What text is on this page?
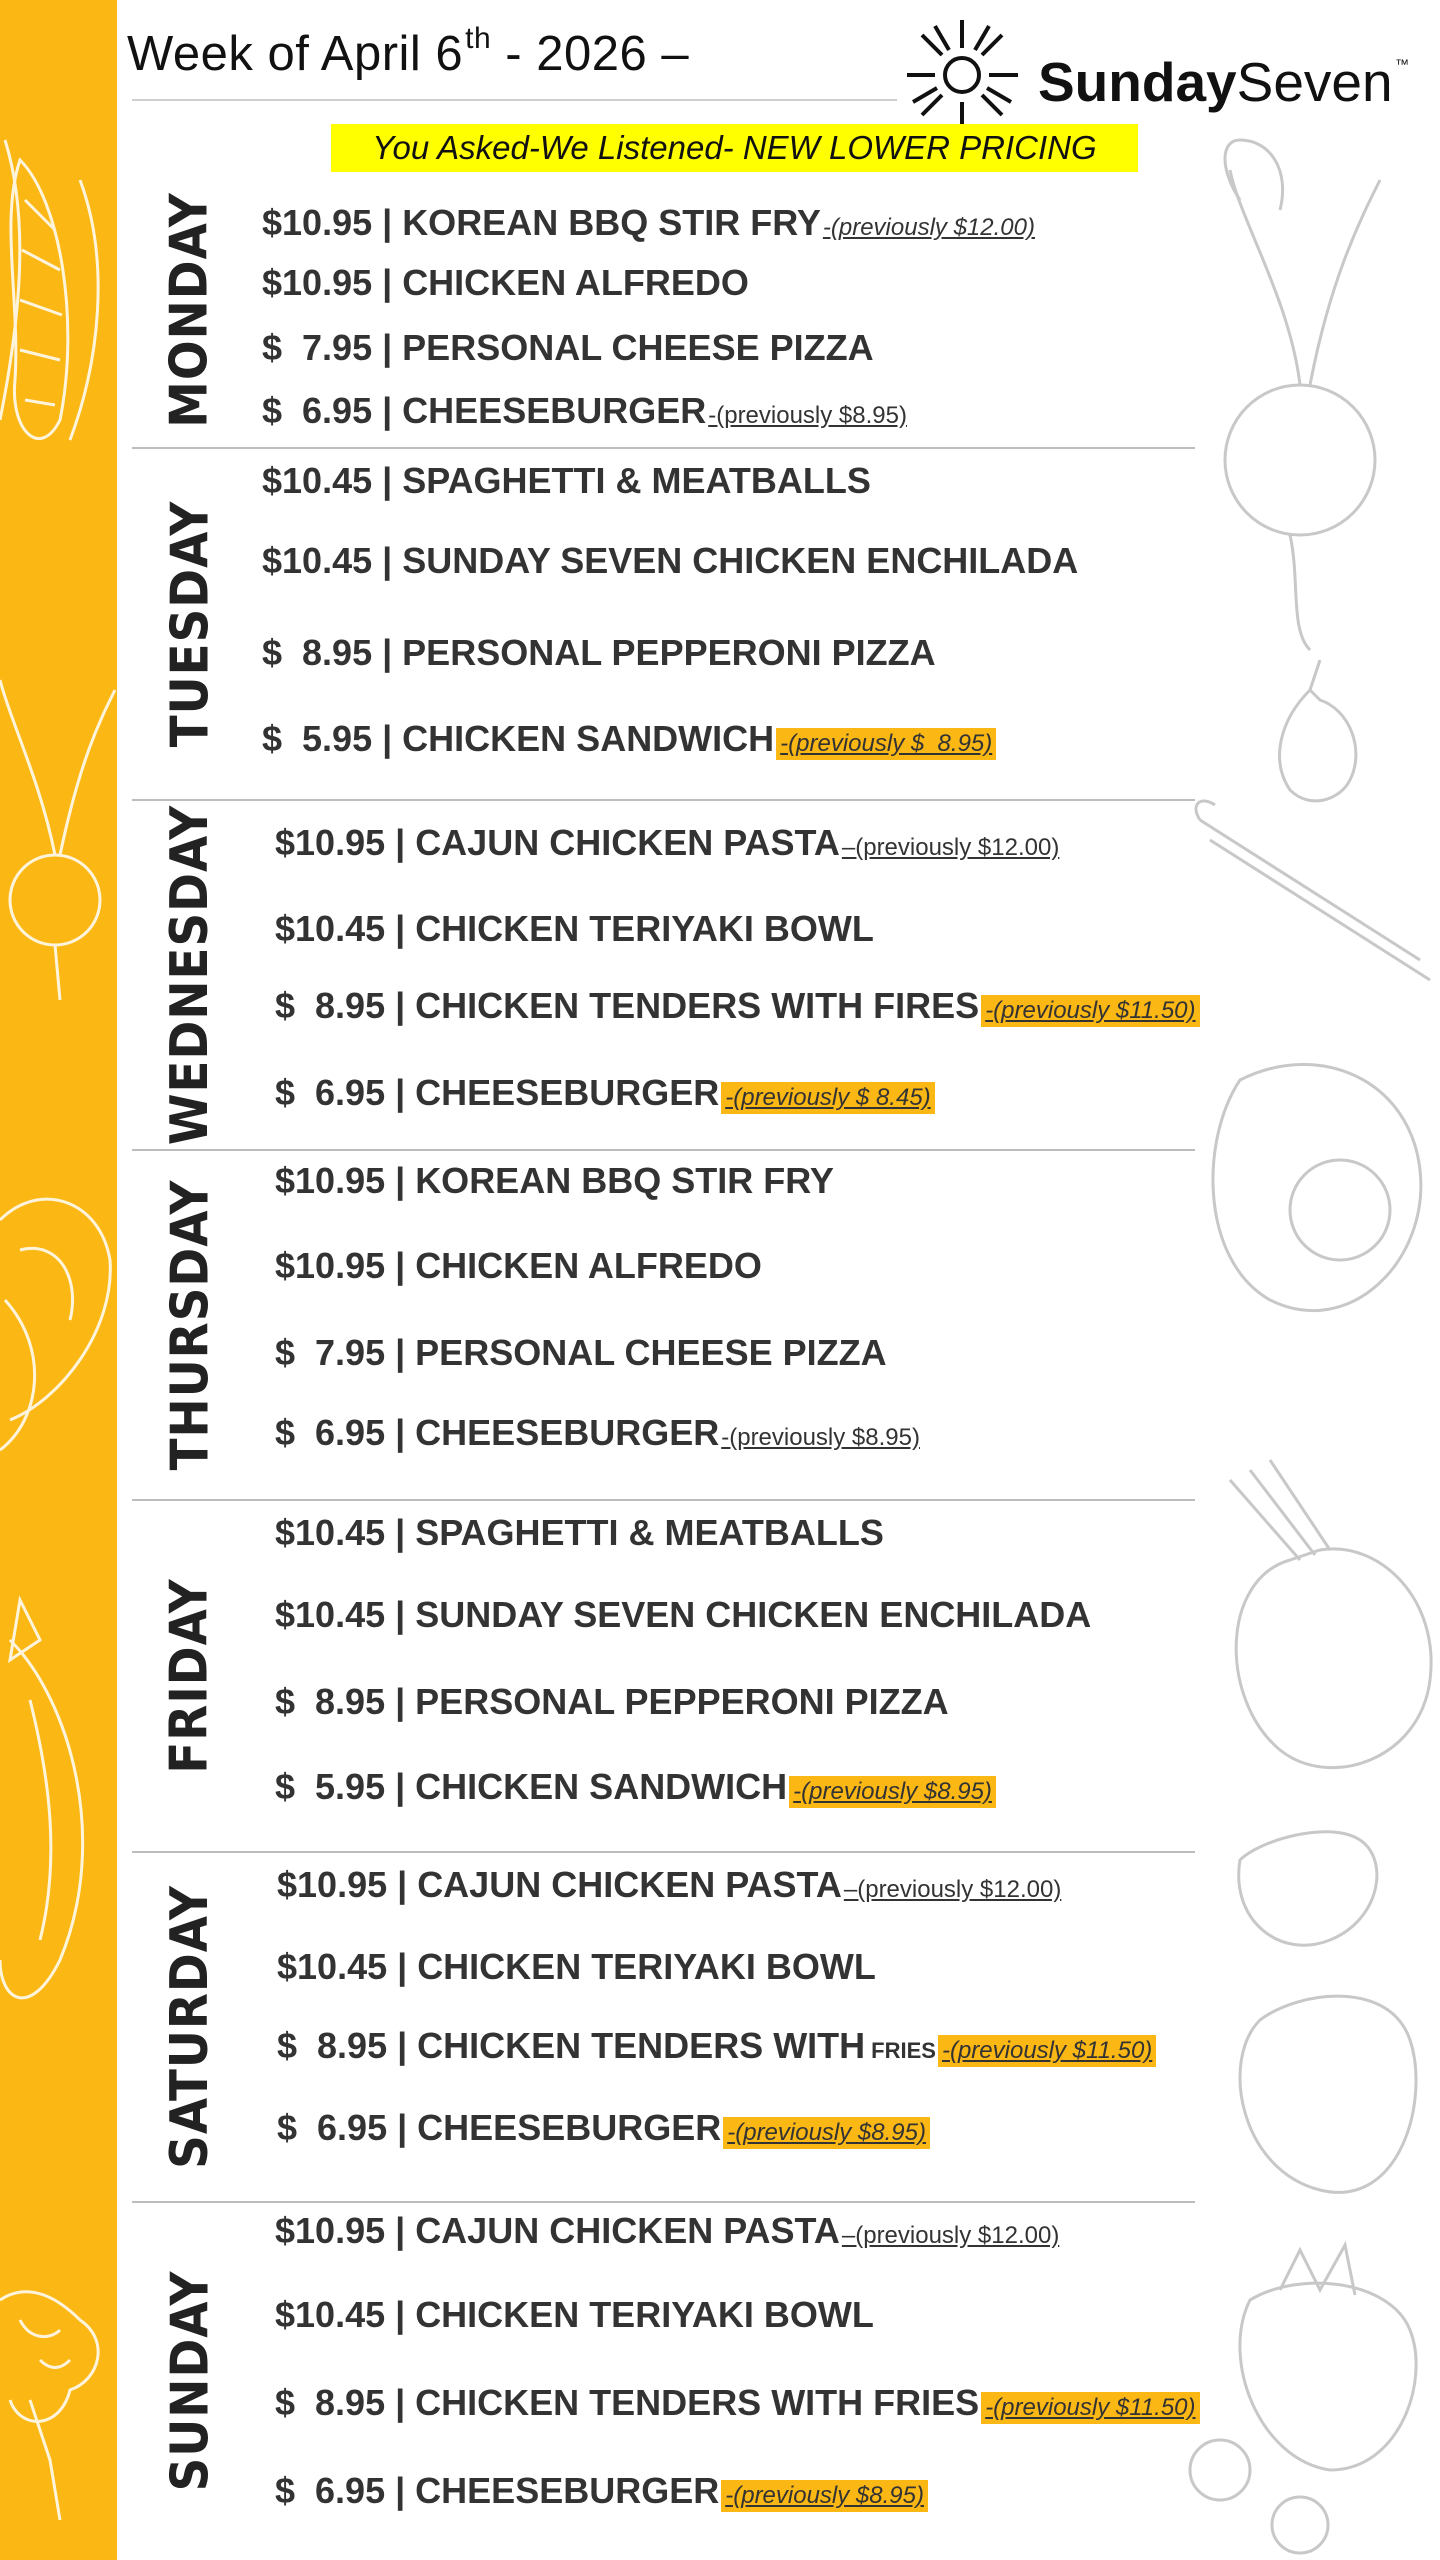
Week of April 6th - 2026 –	SundaySeven ™
You Asked-We Listened- NEW LOWER PRICING
MONDAY $10.95 | KOREAN BBQ STIR FRY -(previously $12.00)
$10.95 | CHICKEN ALFREDO
$  7.95 | PERSONAL CHEESE PIZZA
$  6.95 | CHEESEBURGER -(previously $8.95)
TUESDAY
$10.45 | SPAGHETTI & MEATBALLS
$10.45 | SUNDAY SEVEN CHICKEN ENCHILADA
$  8.95 | PERSONAL PEPPERONI PIZZA
$  5.95 | CHICKEN SANDWICH -(previously $  8.95)
WEDNESDAY $10.95 | CAJUN CHICKEN PASTA –(previously $12.00)
$10.45 | CHICKEN TERIYAKI BOWL
$  8.95 | CHICKEN TENDERS WITH FIRES -(previously $11.50)
$  6.95 | CHEESEBURGER -(previously $ 8.45)
THURSDAY $10.95 | KOREAN BBQ STIR FRY
$10.95 | CHICKEN ALFREDO
$  7.95 | PERSONAL CHEESE PIZZA
$  6.95 | CHEESEBURGER -(previously $8.95)
FRIDAY
$10.45 | SPAGHETTI & MEATBALLS
$10.45 | SUNDAY SEVEN CHICKEN ENCHILADA
$  8.95 | PERSONAL PEPPERONI PIZZA
$  5.95 | CHICKEN SANDWICH -(previously $8.95)
SATURDAY
$10.95 | CAJUN CHICKEN PASTA –(previously $12.00)
$10.45 | CHICKEN TERIYAKI BOWL
$  8.95 | CHICKEN TENDERS WITH FRIES -(previously $11.50)
$  6.95 | CHEESEBURGER -(previously $8.95)
SUNDAY
$10.95 | CAJUN CHICKEN PASTA –(previously $12.00)
$10.45 | CHICKEN TERIYAKI BOWL
$  8.95 | CHICKEN TENDERS WITH FRIES -(previously $11.50)
$  6.95 | CHEESEBURGER -(previously $8.95)
